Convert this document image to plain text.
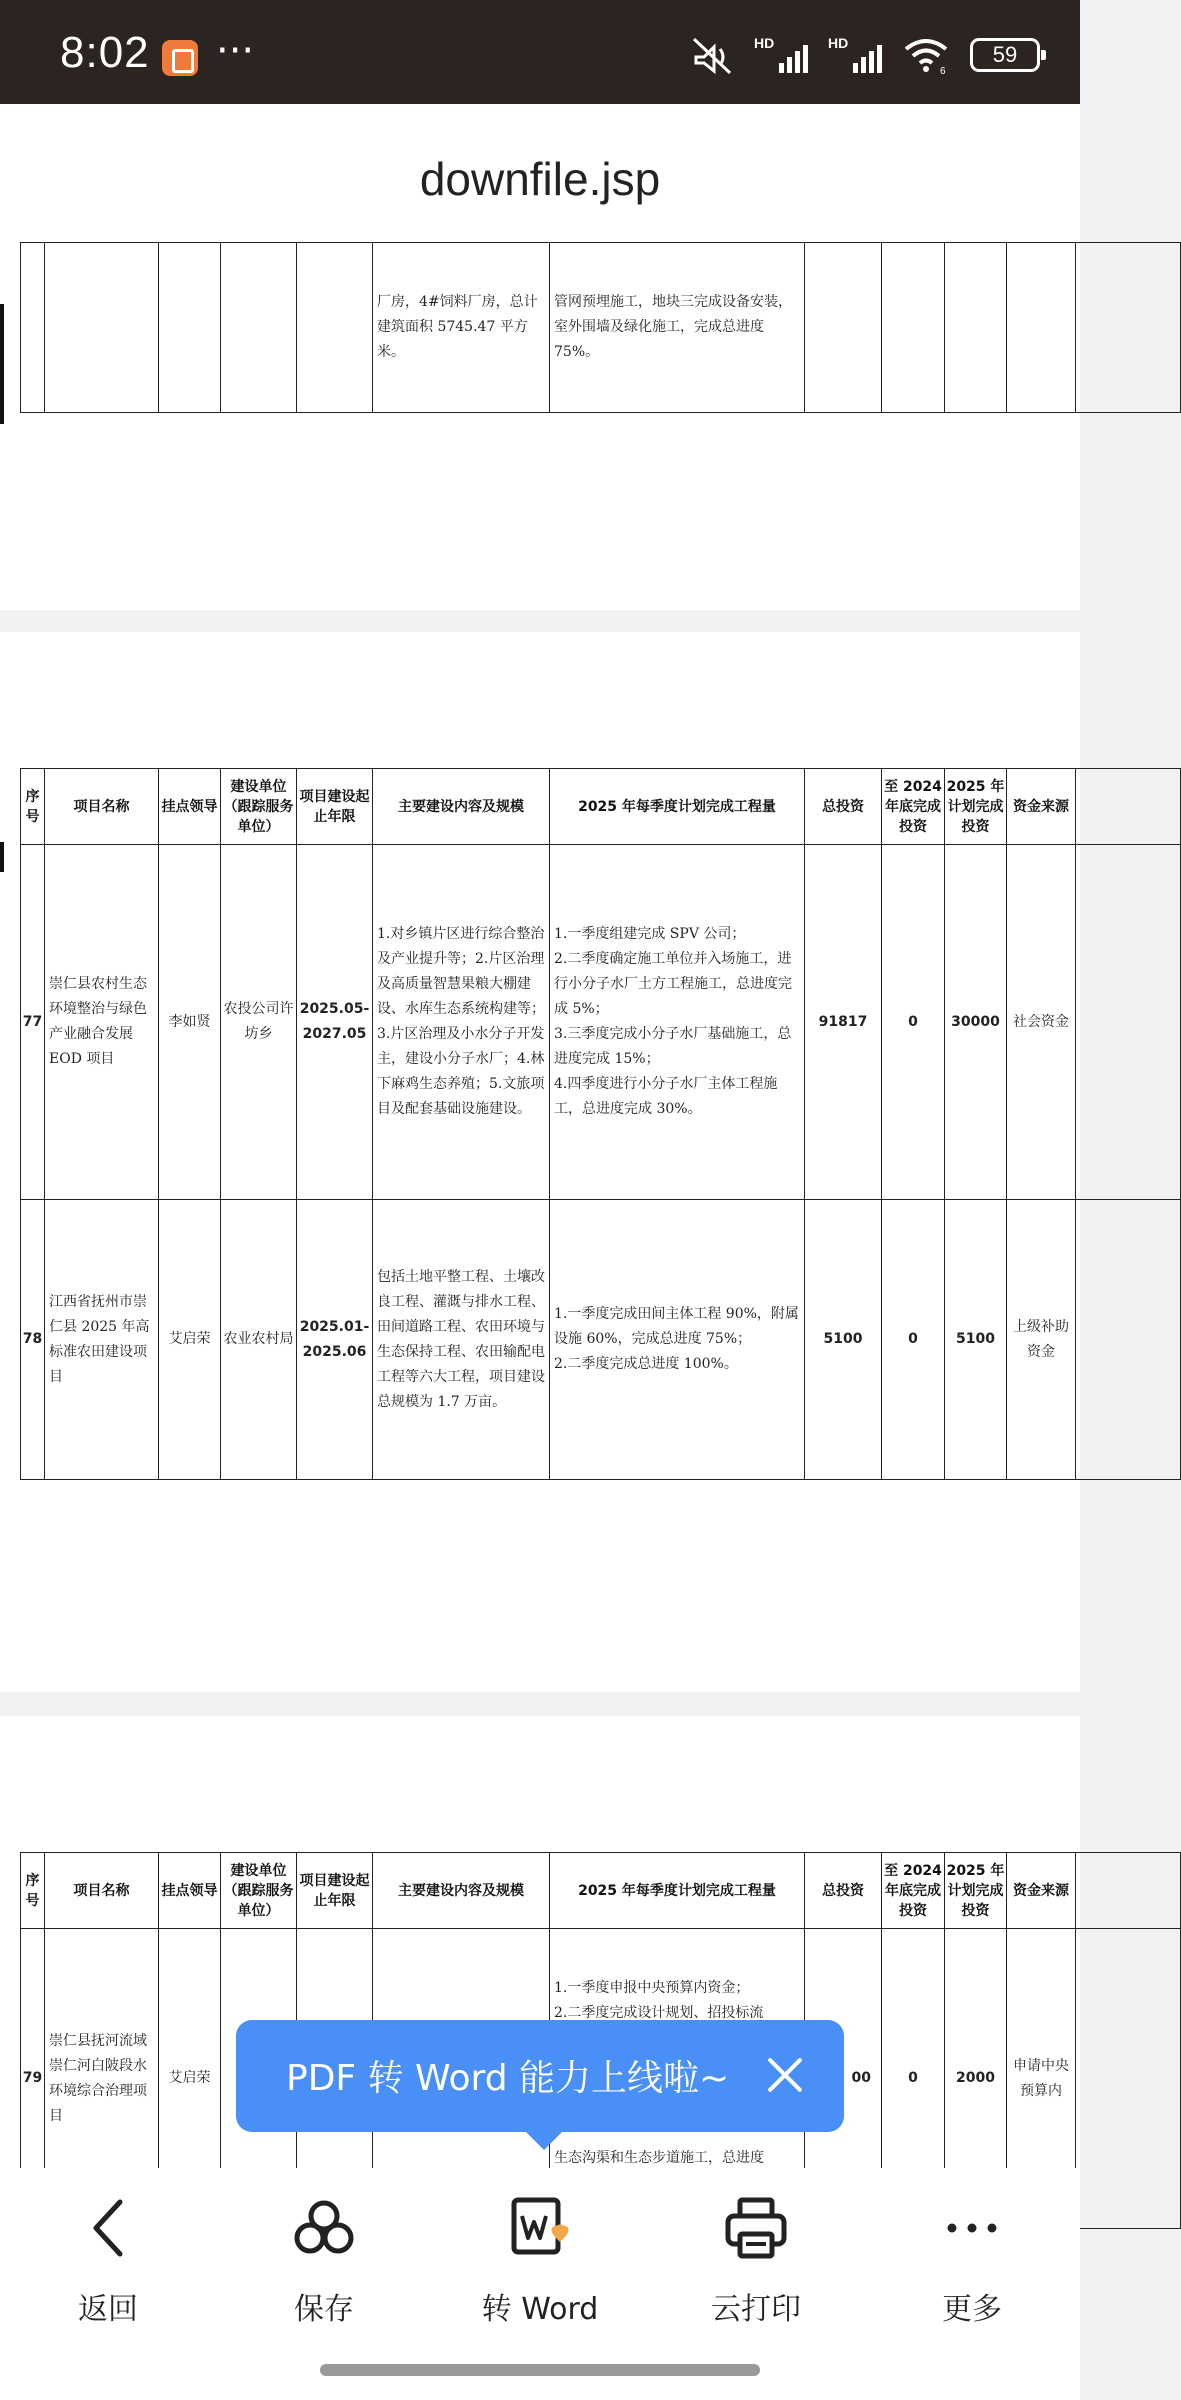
8:02 ···	HD	HD
6
59
downfile.jsp
					厂房，4#饲料厂房，总计建筑面积 5745.47 平方米。	管网预埋施工，地块三完成设备安装，室外围墙及绿化施工，完成总进度 75%。					
序号	项目名称	挂点领导	建设单位（跟踪服务单位）	项目建设起止年限	主要建设内容及规模	2025 年每季度计划完成工程量	总投资	至 2024 年底完成投资	2025 年计划完成投资	资金来源	
77	崇仁县农村生态环境整治与绿色产业融合发展 EOD 项目	李如贤	农投公司许坊乡	2025.05-2027.05	1.对乡镇片区进行综合整治及产业提升等；2.片区治理及高质量智慧果粮大棚建设、水库生态系统构建等；3.片区治理及小水分子开发主，建设小分子水厂；4.林下麻鸡生态养殖；5.文旅项目及配套基础设施建设。	1.一季度组建完成 SPV 公司；
2.二季度确定施工单位并入场施工，进行小分子水厂土方工程施工，总进度完成 5%；
3.三季度完成小分子水厂基础施工，总进度完成 15%；
4.四季度进行小分子水厂主体工程施工，总进度完成 30%。	91817	0	30000	社会资金	
78	江西省抚州市崇仁县 2025 年高标准农田建设项目	艾启荣	农业农村局	2025.01-2025.06	包括土地平整工程、土壤改良工程、灌溉与排水工程、田间道路工程、农田环境与生态保持工程、农田输配电工程等六大工程，项目建设总规模为 1.7 万亩。	1.一季度完成田间主体工程 90%，附属设施 60%，完成总进度 75%；
2.二季度完成总进度 100%。	5100	0	5100	上级补助资金	
序号	项目名称	挂点领导	建设单位（跟踪服务单位）	项目建设起止年限	主要建设内容及规模	2025 年每季度计划完成工程量	总投资	至 2024 年底完成投资	2025 年计划完成投资	资金来源	
79	崇仁县抚河流域崇仁河白陂段水环境综合治理项目	艾启荣				1.一季度申报中央预算内资金；
2.二季度完成设计规划、招投标流
生态沟渠和生态步道施工，总进度	00	0	2000	申请中央预算内	
PDF 转 Word 能力上线啦~
返回	保存	转 Word	云打印	更多
